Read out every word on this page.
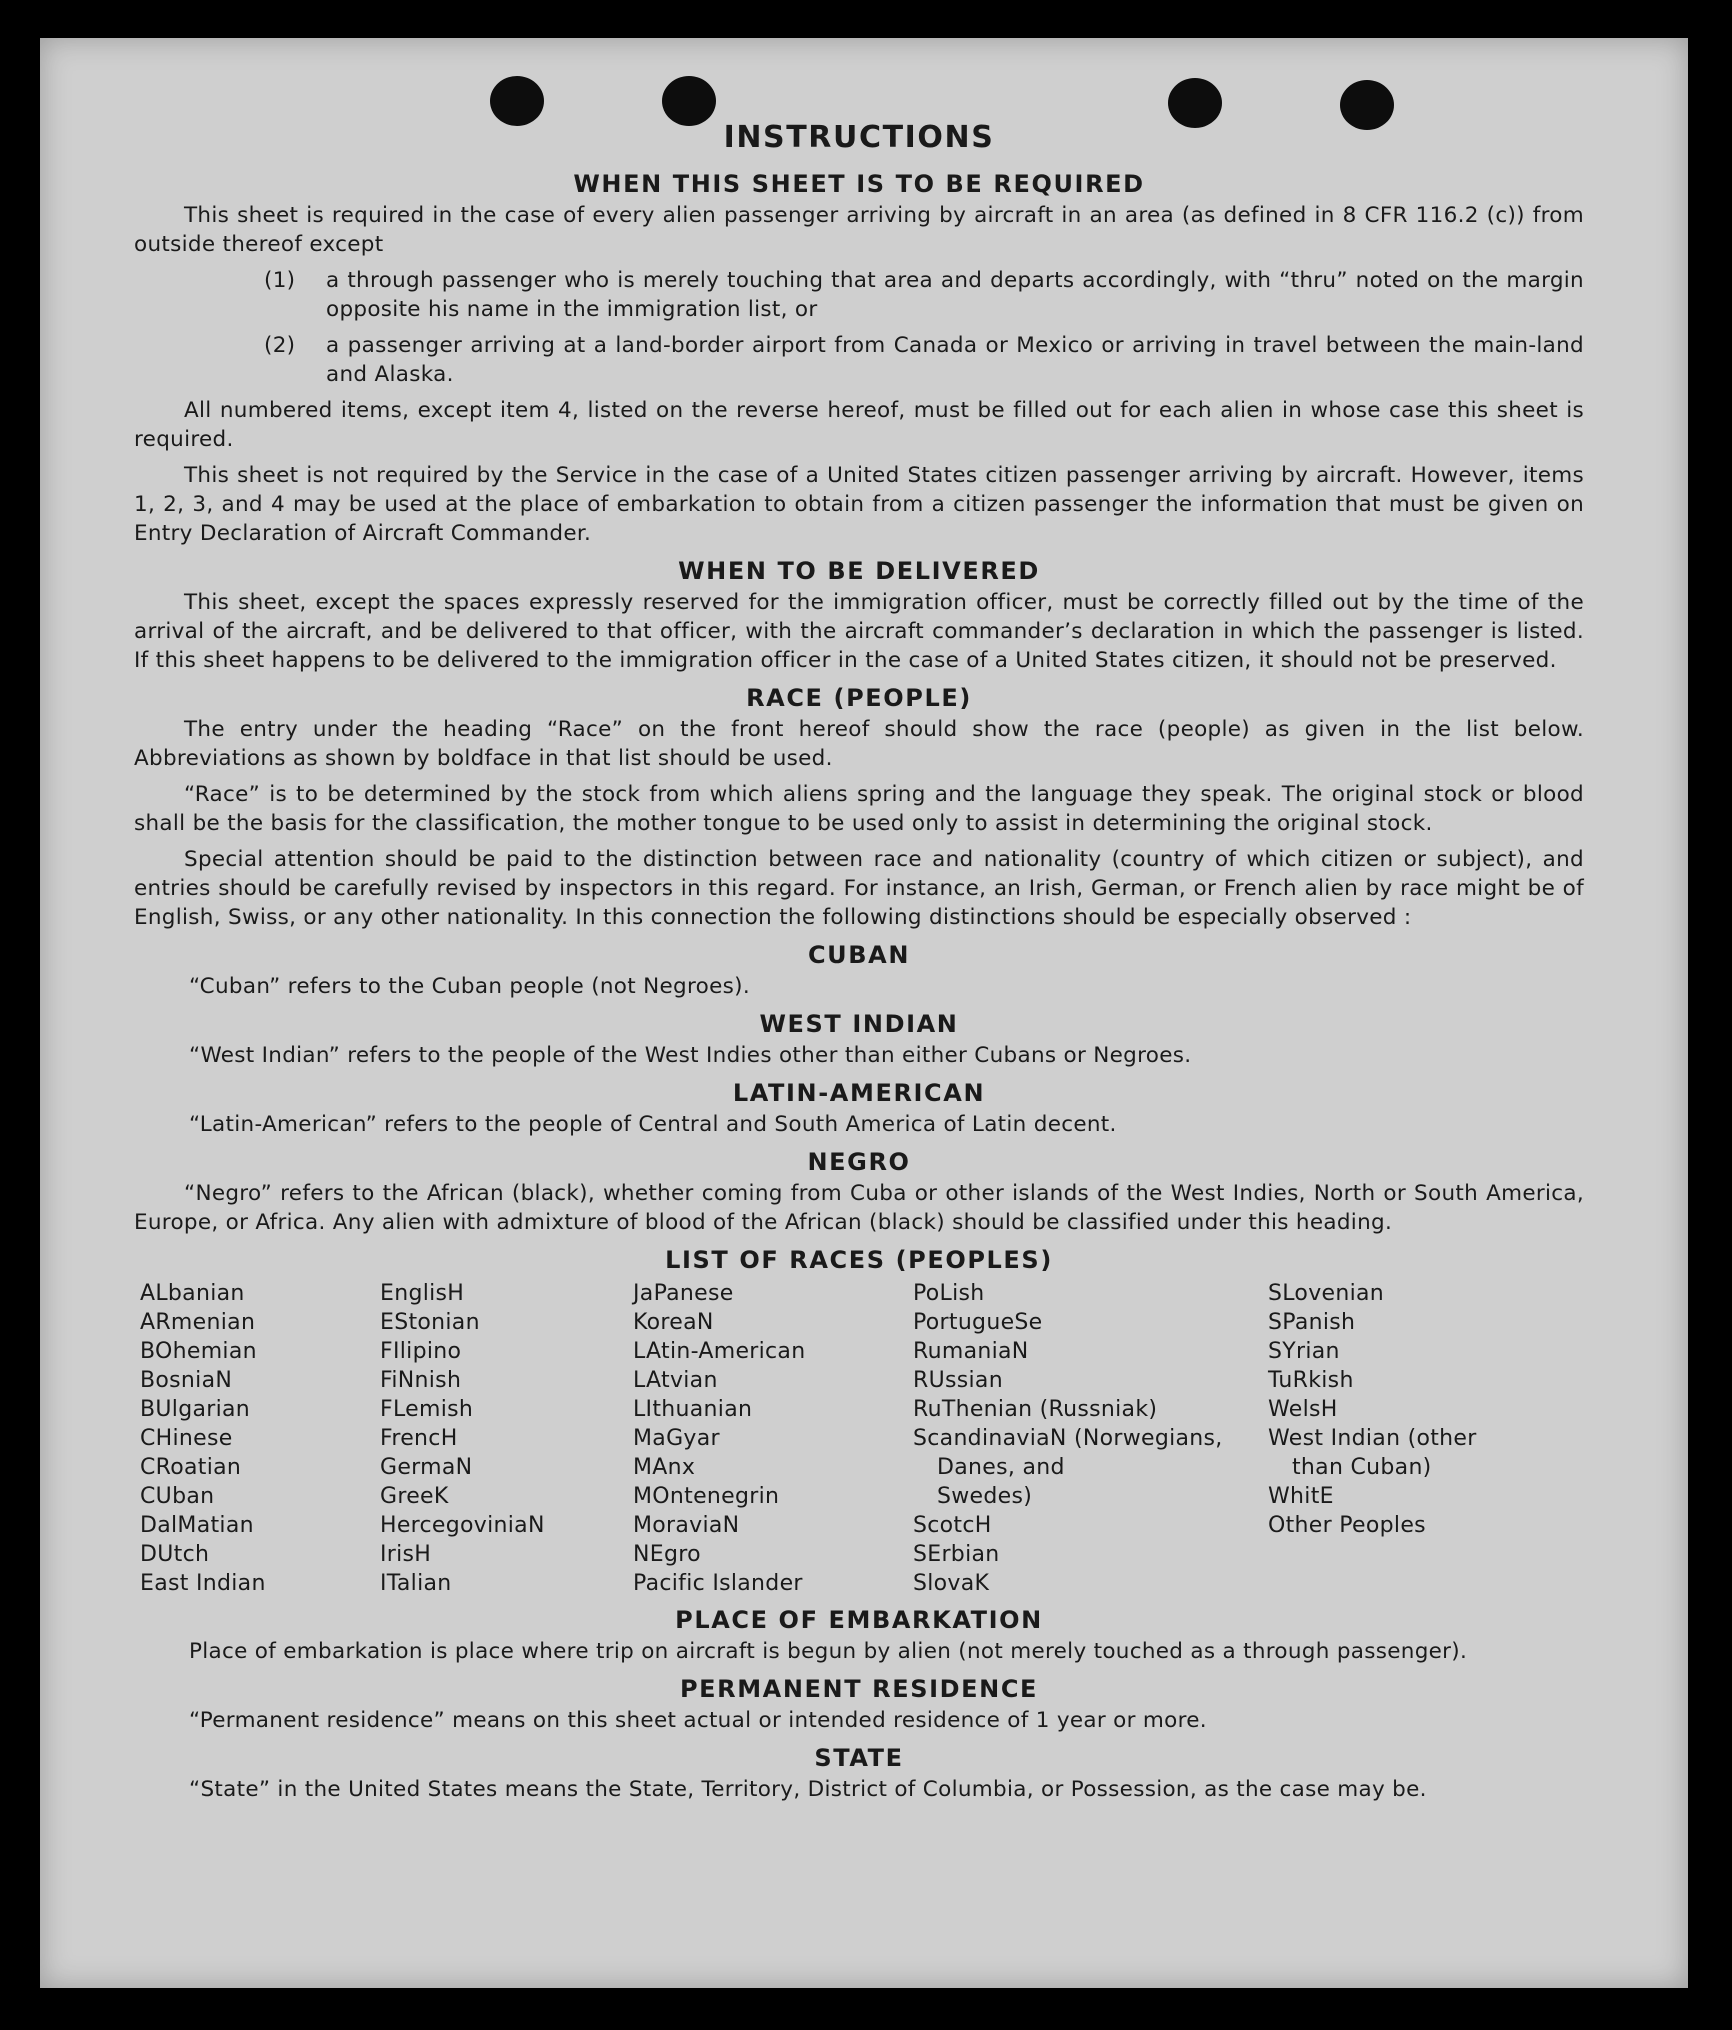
INSTRUCTIONS
WHEN THIS SHEET IS TO BE REQUIRED

This sheet is required in the case of every alien passenger arriving by aircraft in an area (as defined in 8 CFR 116.2 (c)) from outside thereof except

(1)	a through passenger who is merely touching that area and departs accordingly, with “thru” noted on the margin opposite his name in the immigration list, or
(2)	a passenger arriving at a land-border airport from Canada or Mexico or arriving in travel between the main-land and Alaska.

All numbered items, except item 4, listed on the reverse hereof, must be filled out for each alien in whose case this sheet is required.

This sheet is not required by the Service in the case of a United States citizen passenger arriving by aircraft. However, items 1, 2, 3, and 4 may be used at the place of embarkation to obtain from a citizen passenger the information that must be given on Entry Declaration of Aircraft Commander.

WHEN TO BE DELIVERED

This sheet, except the spaces expressly reserved for the immigration officer, must be correctly filled out by the time of the arrival of the aircraft, and be delivered to that officer, with the aircraft commander’s declaration in which the passenger is listed. If this sheet happens to be delivered to the immigration officer in the case of a United States citizen, it should not be preserved.

RACE (PEOPLE)

The entry under the heading “Race” on the front hereof should show the race (people) as given in the list below. Abbreviations as shown by boldface in that list should be used.

“Race” is to be determined by the stock from which aliens spring and the language they speak. The original stock or blood shall be the basis for the classification, the mother tongue to be used only to assist in determining the original stock.

Special attention should be paid to the distinction between race and nationality (country of which citizen or subject), and entries should be carefully revised by inspectors in this regard. For instance, an Irish, German, or French alien by race might be of English, Swiss, or any other nationality. In this connection the following distinctions should be especially observed :

CUBAN

“Cuban” refers to the Cuban people (not Negroes).

WEST INDIAN

“West Indian” refers to the people of the West Indies other than either Cubans or Negroes.

LATIN-AMERICAN

“Latin-American” refers to the people of Central and South America of Latin decent.

NEGRO

“Negro” refers to the African (black), whether coming from Cuba or other islands of the West Indies, North or South America, Europe, or Africa. Any alien with admixture of blood of the African (black) should be classified under this heading.

LIST OF RACES (PEOPLES)
ALbanian
ARmenian
BOhemian
BosniaN
BUlgarian
CHinese
CRoatian
CUban
DalMatian
DUtch
East Indian
EnglisH
EStonian
FIlipino
FiNnish
FLemish
FrencH
GermaN
GreeK
HercegoviniaN
IrisH
ITalian
JaPanese
KoreaN
LAtin-American
LAtvian
LIthuanian
MaGyar
MAnx
MOntenegrin
MoraviaN
NEgro
Pacific Islander
PoLish
PortugueSe
RumaniaN
RUssian
RuThenian (Russniak)
ScandinaviaN (Norwegians,
Danes, and
Swedes)
ScotcH
SErbian
SlovaK
SLovenian
SPanish
SYrian
TuRkish
WelsH
West Indian (other
than Cuban)
WhitE
Other Peoples
PLACE OF EMBARKATION

Place of embarkation is place where trip on aircraft is begun by alien (not merely touched as a through passenger).

PERMANENT RESIDENCE

“Permanent residence” means on this sheet actual or intended residence of 1 year or more.

STATE

“State” in the United States means the State, Territory, District of Columbia, or Possession, as the case may be.
